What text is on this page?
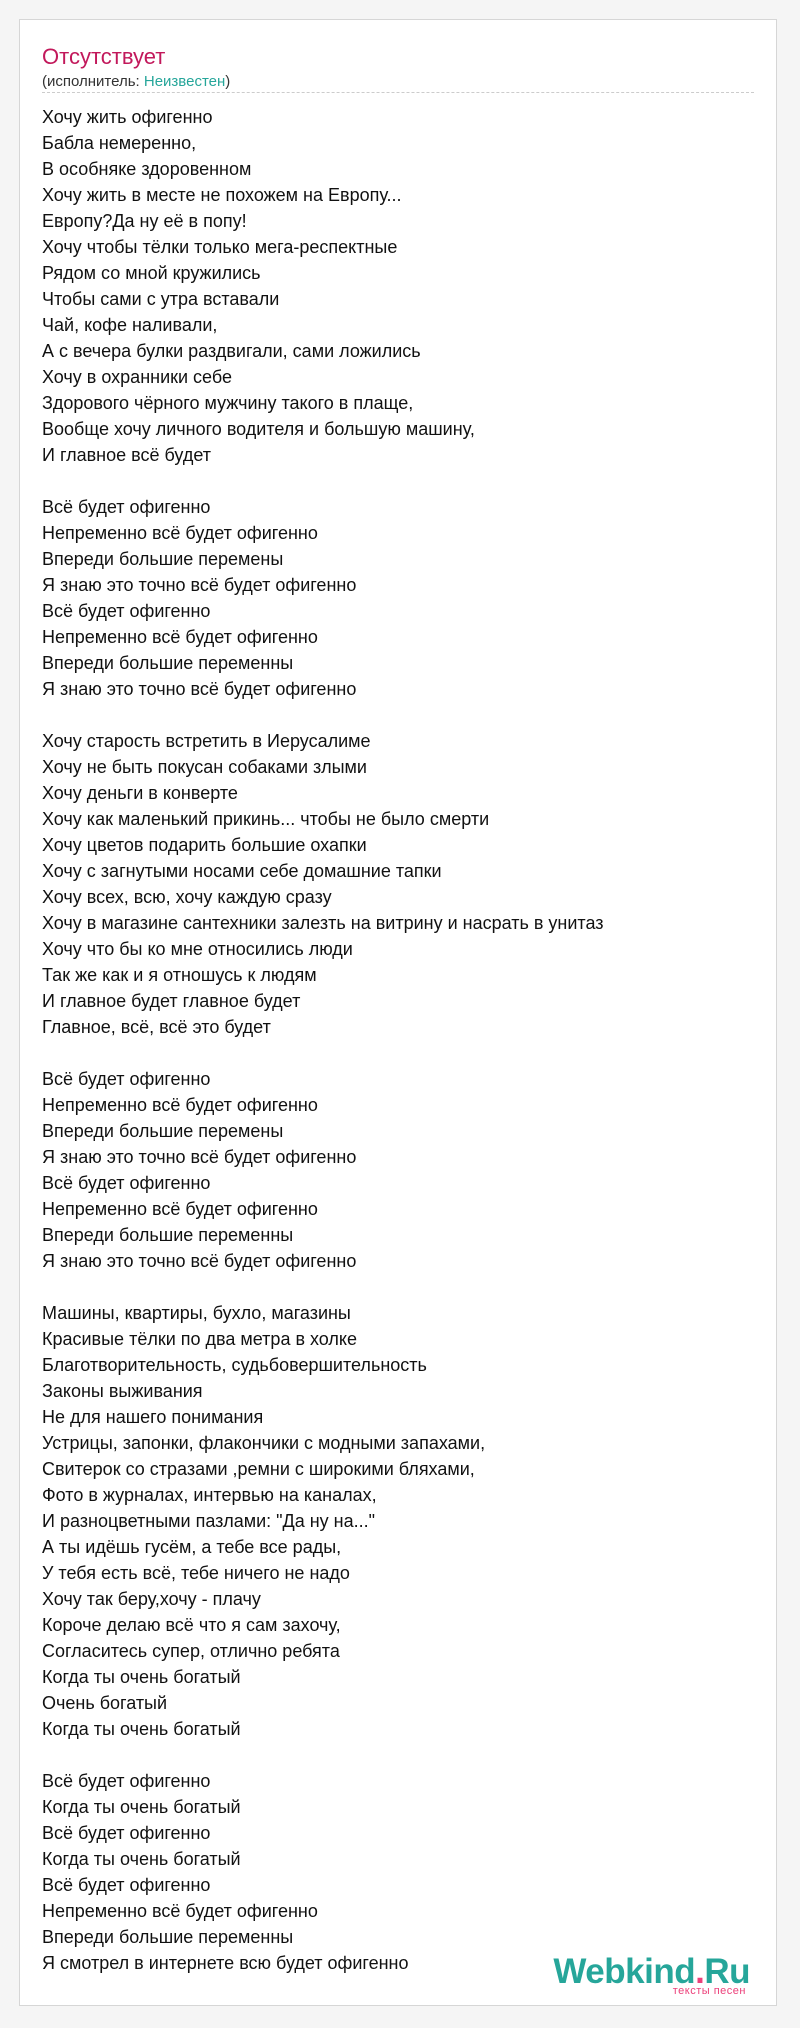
Отсутствует
(исполнитель: Неизвестен)
Хочу жить офигенно
Бабла немеренно,
В особняке здоровенном
Хочу жить в месте не похожем на Европу...
Европу?Да ну её в попу!
Хочу чтобы тёлки только мега-респектные
Рядом со мной кружились
Чтобы сами с утра вставали
Чай, кофе наливали,
А с вечера булки раздвигали, сами ложились
Хочу в охранники себе
Здорового чёрного мужчину такого в плаще,
Вообще хочу личного водителя и большую машину,
И главное всё будет
Всё будет офигенно
Непременно всё будет офигенно
Впереди большие перемены
Я знаю это точно всё будет офигенно
Всё будет офигенно
Непременно всё будет офигенно
Впереди большие переменны
Я знаю это точно всё будет офигенно
Хочу старость встретить в Иерусалиме
Хочу не быть покусан собаками злыми
Хочу деньги в конверте
Хочу как маленький прикинь... чтобы не было смерти
Хочу цветов подарить большие охапки
Хочу с загнутыми носами себе домашние тапки
Хочу всех, всю, хочу каждую сразу
Хочу в магазине сантехники залезть на витрину и насрать в унитаз
Хочу что бы ко мне относились люди
Так же как и я отношусь к людям
И главное будет главное будет
Главное, всё, всё это будет
Всё будет офигенно
Непременно всё будет офигенно
Впереди большие перемены
Я знаю это точно всё будет офигенно
Всё будет офигенно
Непременно всё будет офигенно
Впереди большие переменны
Я знаю это точно всё будет офигенно
Машины, квартиры, бухло, магазины
Красивые тёлки по два метра в холке
Благотворительность, судьбовершительность
Законы выживания
Не для нашего понимания
Устрицы, запонки, флакончики с модными запахами,
Свитерок со стразами ,ремни с широкими бляхами,
Фото в журналах, интервью на каналах,
И разноцветными пазлами: "Да ну на..."
А ты идёшь гусём, а тебе все рады,
У тебя есть всё, тебе ничего не надо
Хочу так беру,хочу - плачу
Короче делаю всё что я сам захочу,
Согласитесь супер, отлично ребята
Когда ты очень богатый
Очень богатый
Когда ты очень богатый
Всё будет офигенно
Когда ты очень богатый
Всё будет офигенно
Когда ты очень богатый
Всё будет офигенно
Непременно всё будет офигенно
Впереди большие переменны
Я смотрел в интернете всю будет офигенно	Webkind.Ru
тексты песен
